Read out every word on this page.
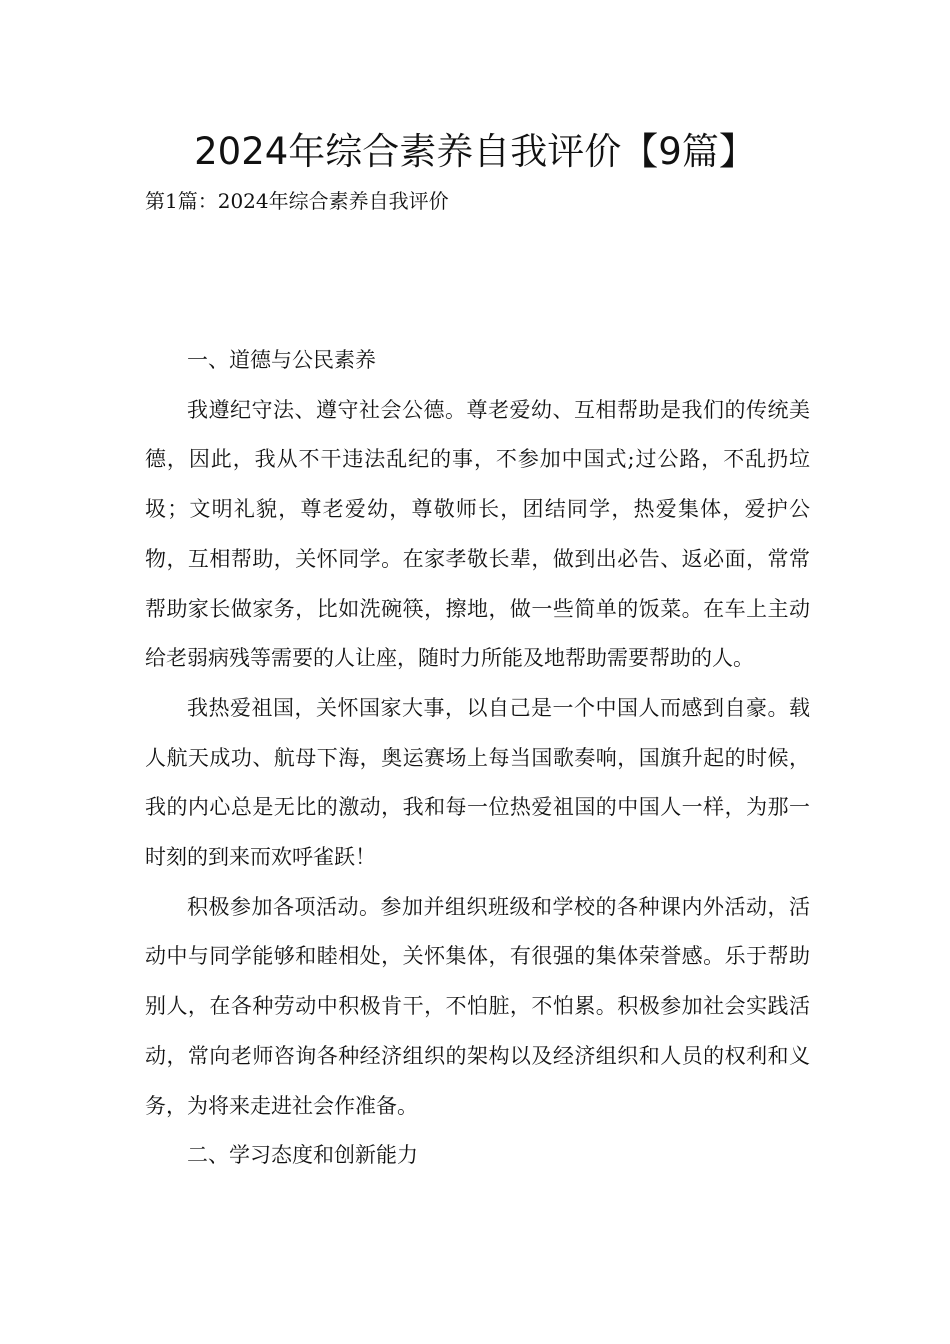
2024年综合素养自我评价【9篇】
第1篇：2024年综合素养自我评价

一、道德与公民素养

我遵纪守法、遵守社会公德。尊老爱幼、互相帮助是我们的传统美德，因此，我从不干违法乱纪的事，不参加中国式;过公路，不乱扔垃圾；文明礼貌，尊老爱幼，尊敬师长，团结同学，热爱集体，爱护公物，互相帮助，关怀同学。在家孝敬长辈，做到出必告、返必面，常常帮助家长做家务，比如洗碗筷，擦地，做一些简单的饭菜。在车上主动给老弱病残等需要的人让座，随时力所能及地帮助需要帮助的人。

我热爱祖国，关怀国家大事，以自己是一个中国人而感到自豪。载人航天成功、航母下海，奥运赛场上每当国歌奏响，国旗升起的时候，我的内心总是无比的激动，我和每一位热爱祖国的中国人一样，为那一时刻的到来而欢呼雀跃！

积极参加各项活动。参加并组织班级和学校的各种课内外活动，活动中与同学能够和睦相处，关怀集体，有很强的集体荣誉感。乐于帮助别人，在各种劳动中积极肯干，不怕脏，不怕累。积极参加社会实践活动，常向老师咨询各种经济组织的架构以及经济组织和人员的权利和义务，为将来走进社会作准备。

二、学习态度和创新能力
